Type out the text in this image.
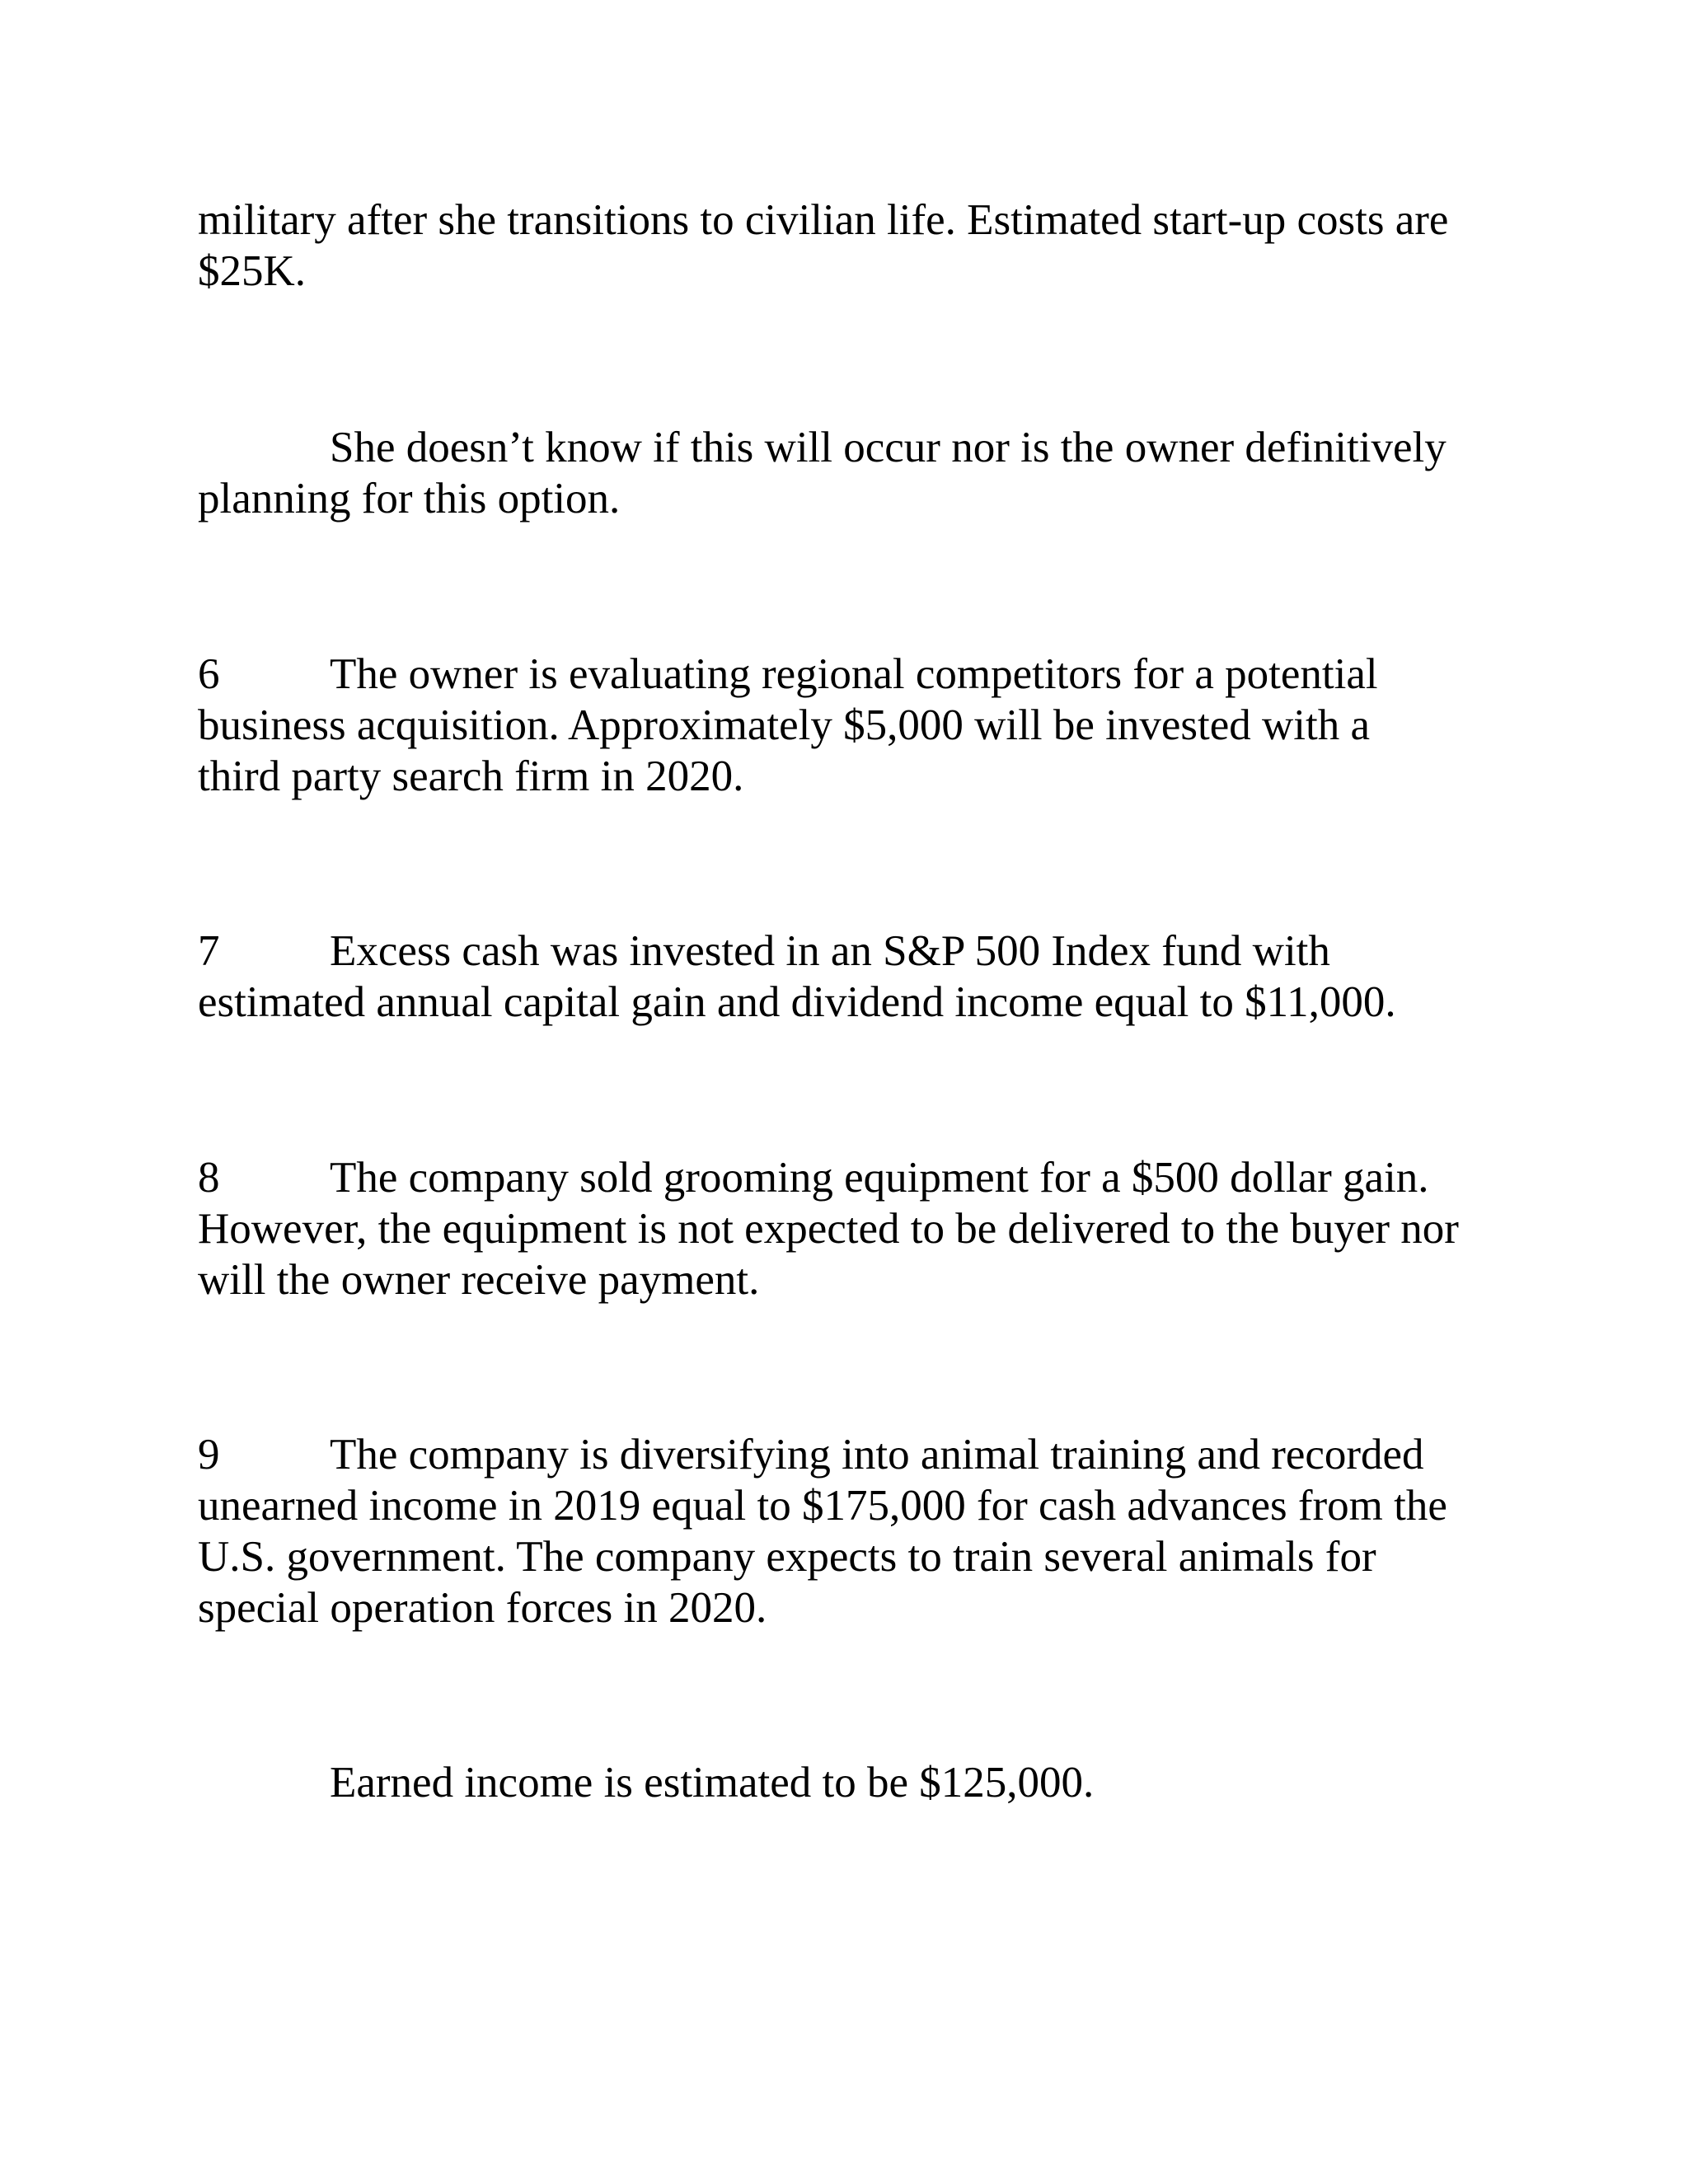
military after she transitions to civilian life. Estimated start-up costs are
$25K.

She doesn’t know if this will occur nor is the owner definitively
planning for this option.

6	The owner is evaluating regional competitors for a potential
business acquisition. Approximately $5,000 will be invested with a
third party search firm in 2020.

7	Excess cash was invested in an S&P 500 Index fund with
estimated annual capital gain and dividend income equal to $11,000.

8	The company sold grooming equipment for a $500 dollar gain.
However, the equipment is not expected to be delivered to the buyer nor
will the owner receive payment.

9	The company is diversifying into animal training and recorded
unearned income in 2019 equal to $175,000 for cash advances from the
U.S. government. The company expects to train several animals for
special operation forces in 2020.

Earned income is estimated to be $125,000.
